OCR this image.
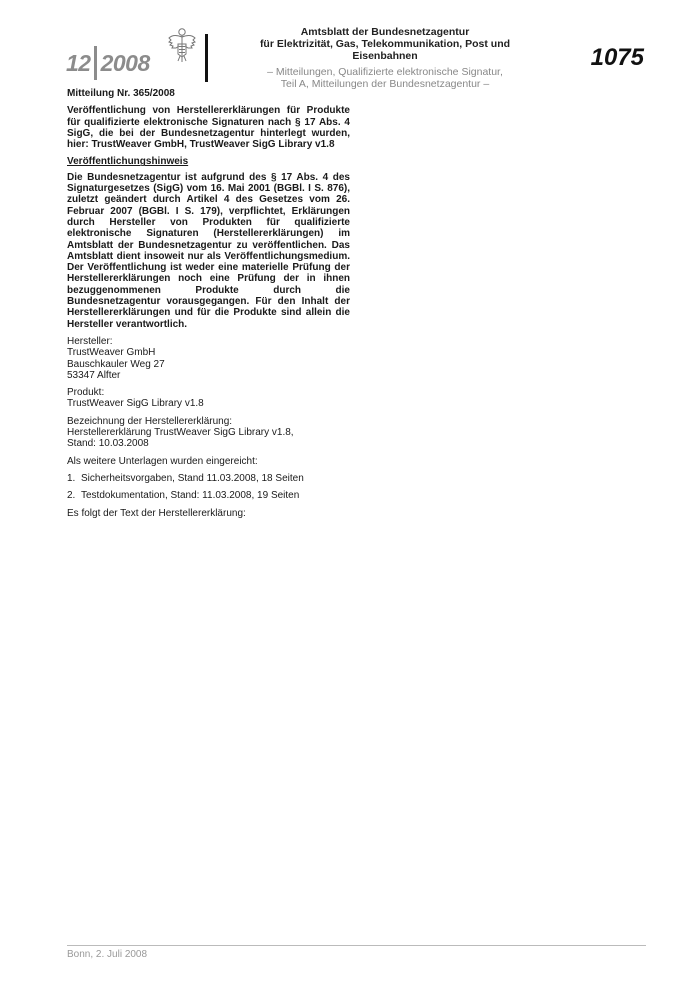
12 2008
Amtsblatt der Bundesnetzagentur
für Elektrizität, Gas, Telekommunikation, Post und Eisenbahnen
– Mitteilungen, Qualifizierte elektronische Signatur,
Teil A, Mitteilungen der Bundesnetzagentur –
1075

Mitteilung Nr. 365/2008

Veröffentlichung von Herstellererklärungen für Produkte für qualifizierte elektronische Signaturen nach § 17 Abs. 4 SigG, die bei der Bundesnetzagentur hinterlegt wurden, hier: TrustWeaver GmbH, TrustWeaver SigG Library v1.8

Veröffentlichungshinweis

Die Bundesnetzagentur ist aufgrund des § 17 Abs. 4 des Signaturgesetzes (SigG) vom 16. Mai 2001 (BGBl. I S. 876), zuletzt geändert durch Artikel 4 des Gesetzes vom 26. Februar 2007 (BGBl. I S. 179), verpflichtet, Erklärungen durch Hersteller von Produkten für qualifizierte elektronische Signaturen (Herstellererklärungen) im Amtsblatt der Bundesnetzagentur zu veröffentlichen. Das Amtsblatt dient insoweit nur als Veröffentlichungsmedium. Der Veröffentlichung ist weder eine materielle Prüfung der Herstellererklärungen noch eine Prüfung der in ihnen bezuggenommenen Produkte durch die Bundesnetzagentur vorausgegangen. Für den Inhalt der Herstellererklärungen und für die Produkte sind allein die Hersteller verantwortlich.

Hersteller:
TrustWeaver GmbH
Bauschkauler Weg 27
53347 Alfter

Produkt:
TrustWeaver SigG Library v1.8

Bezeichnung der Herstellererklärung:
Herstellererklärung TrustWeaver SigG Library v1.8,
Stand: 10.03.2008

Als weitere Unterlagen wurden eingereicht:

1. Sicherheitsvorgaben, Stand 11.03.2008, 18 Seiten
2. Testdokumentation, Stand: 11.03.2008, 19 Seiten

Es folgt der Text der Herstellererklärung:

Bonn, 2. Juli 2008
